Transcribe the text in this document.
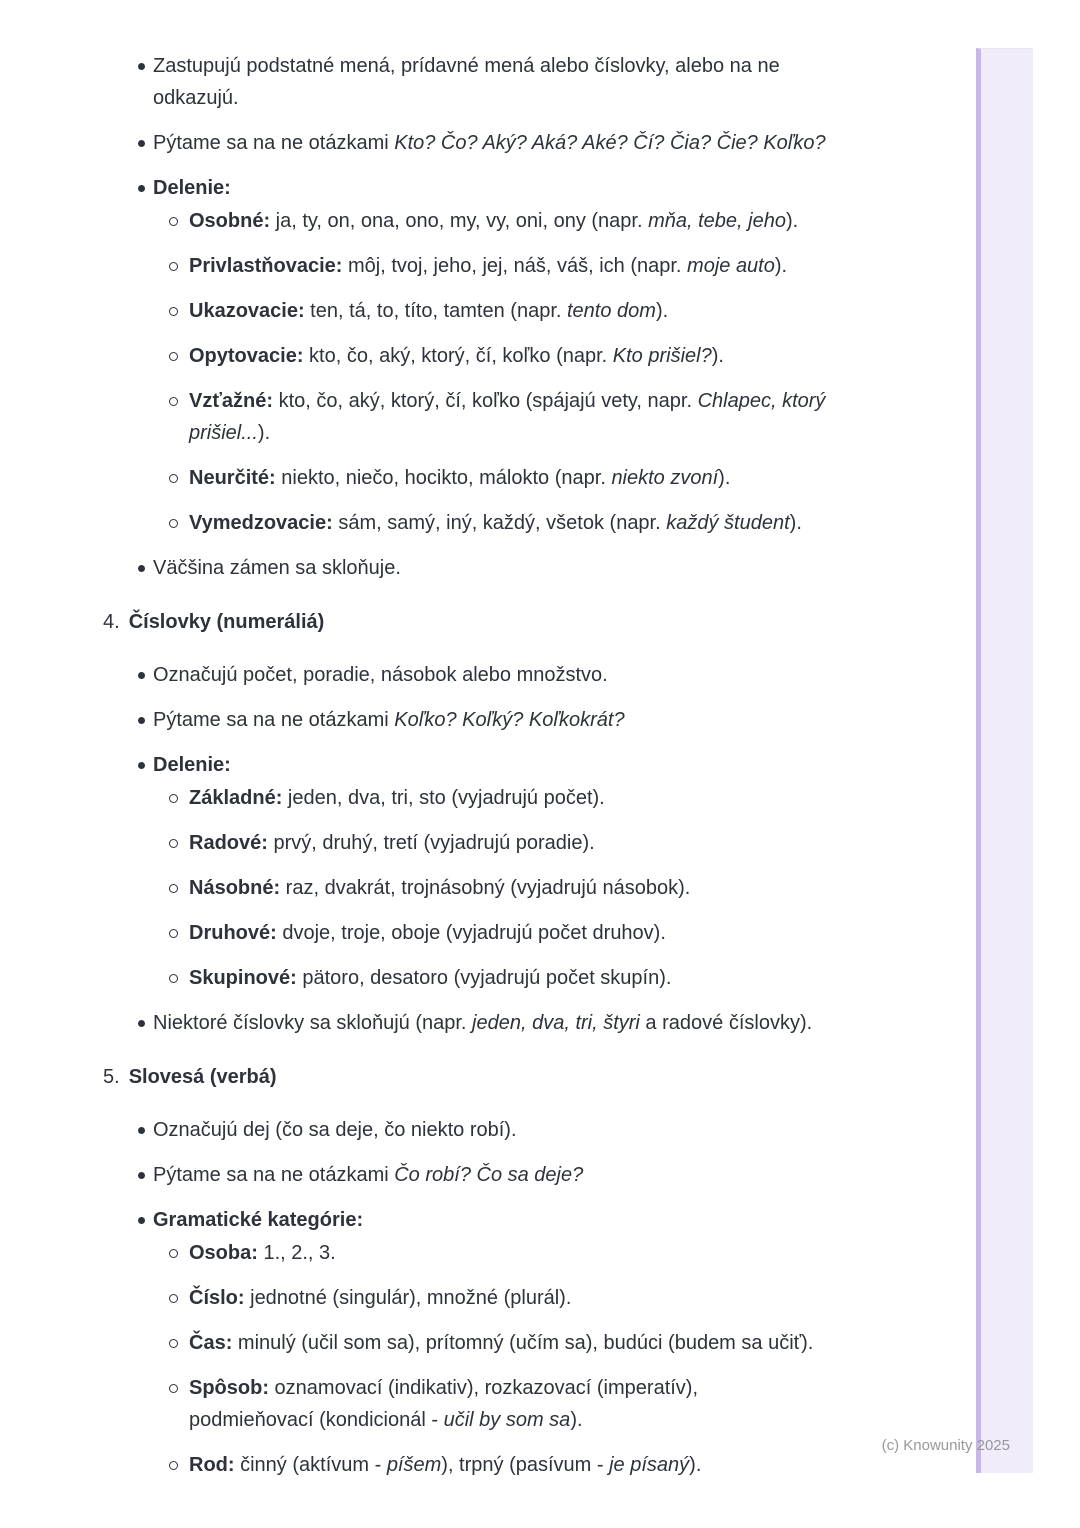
Zastupujú podstatné mená, prídavné mená alebo číslovky, alebo na ne
odkazujú.
Pýtame sa na ne otázkami Kto? Čo? Aký? Aká? Aké? Čí? Čia? Čie? Koľko?
Delenie:
Osobné: ja, ty, on, ona, ono, my, vy, oni, ony (napr. mňa, tebe, jeho).
Privlastňovacie: môj, tvoj, jeho, jej, náš, váš, ich (napr. moje auto).
Ukazovacie: ten, tá, to, títo, tamten (napr. tento dom).
Opytovacie: kto, čo, aký, ktorý, čí, koľko (napr. Kto prišiel?).
Vzťažné: kto, čo, aký, ktorý, čí, koľko (spájajú vety, napr. Chlapec, ktorý
prišiel...).
Neurčité: niekto, niečo, hocikto, málokto (napr. niekto zvoní).
Vymedzovacie: sám, samý, iný, každý, všetok (napr. každý študent).
Väčšina zámen sa skloňuje.
4. Číslovky (numeráliá)
Označujú počet, poradie, násobok alebo množstvo.
Pýtame sa na ne otázkami Koľko? Koľký? Koľkokrát?
Delenie:
Základné: jeden, dva, tri, sto (vyjadrujú počet).
Radové: prvý, druhý, tretí (vyjadrujú poradie).
Násobné: raz, dvakrát, trojnásobný (vyjadrujú násobok).
Druhové: dvoje, troje, oboje (vyjadrujú počet druhov).
Skupinové: pätoro, desatoro (vyjadrujú počet skupín).
Niektoré číslovky sa skloňujú (napr. jeden, dva, tri, štyri a radové číslovky).
5. Slovesá (verbá)
Označujú dej (čo sa deje, čo niekto robí).
Pýtame sa na ne otázkami Čo robí? Čo sa deje?
Gramatické kategórie:
Osoba: 1., 2., 3.
Číslo: jednotné (singulár), množné (plurál).
Čas: minulý (učil som sa), prítomný (učím sa), budúci (budem sa učiť).
Spôsob: oznamovací (indikativ), rozkazovací (imperatív),
podmieňovací (kondicionál - učil by som sa).
Rod: činný (aktívum - píšem), trpný (pasívum - je písaný).
(c) Knowunity 2025
